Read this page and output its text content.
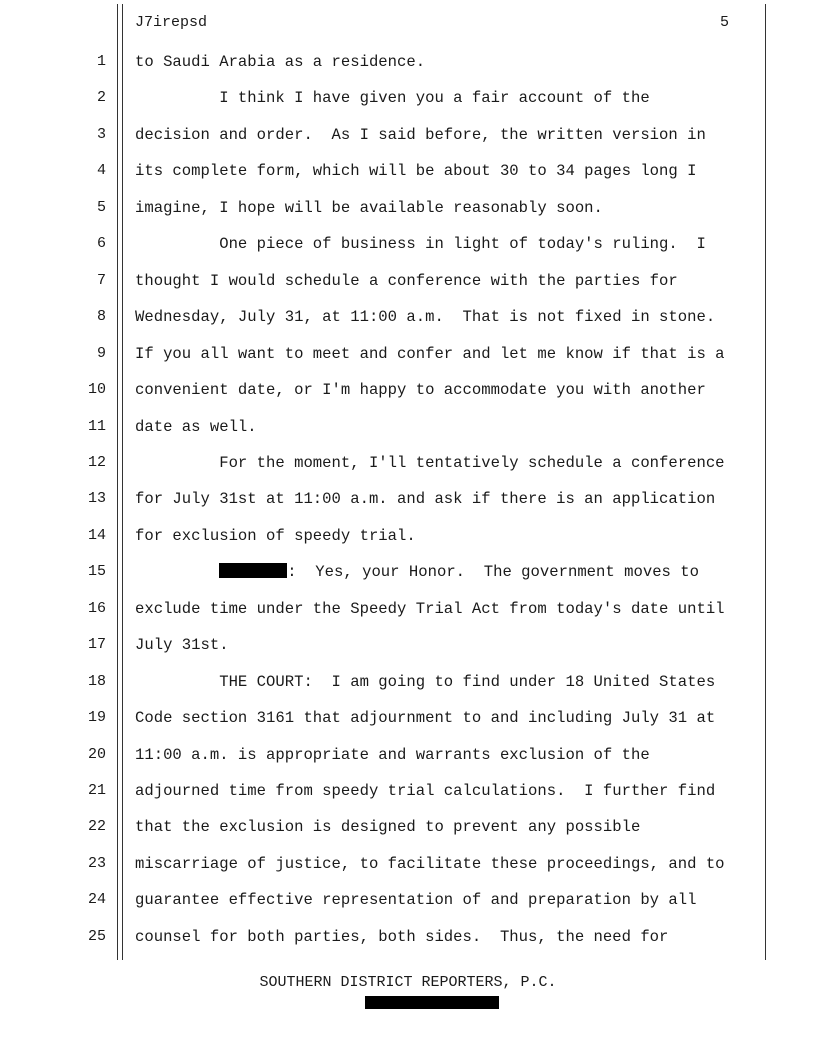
J7irepsd	5
1 to Saudi Arabia as a residence.
2 I think I have given you a fair account of the
3 decision and order.  As I said before, the written version in
4 its complete form, which will be about 30 to 34 pages long I
5 imagine, I hope will be available reasonably soon.
6 One piece of business in light of today's ruling.  I
7 thought I would schedule a conference with the parties for
8 Wednesday, July 31, at 11:00 a.m.  That is not fixed in stone.
9 If you all want to meet and confer and let me know if that is a
10 convenient date, or I'm happy to accommodate you with another
11 date as well.
12 For the moment, I'll tentatively schedule a conference
13 for July 31st at 11:00 a.m. and ask if there is an application
14 for exclusion of speedy trial.
15	:  Yes, your Honor.  The government moves to
16 exclude time under the Speedy Trial Act from today's date until
17 July 31st.
18 THE COURT:  I am going to find under 18 United States
19 Code section 3161 that adjournment to and including July 31 at
20 11:00 a.m. is appropriate and warrants exclusion of the
21 adjourned time from speedy trial calculations.  I further find
22 that the exclusion is designed to prevent any possible
23 miscarriage of justice, to facilitate these proceedings, and to
24 guarantee effective representation of and preparation by all
25 counsel for both parties, both sides.  Thus, the need for
SOUTHERN DISTRICT REPORTERS, P.C.
